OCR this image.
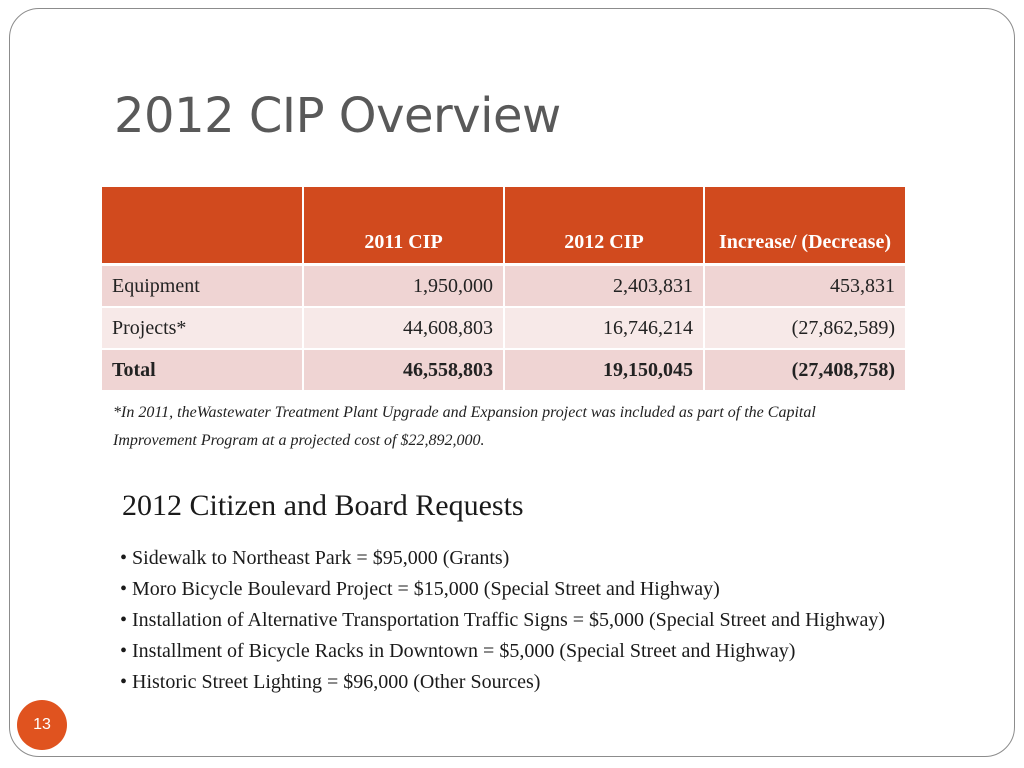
2012 CIP Overview
	2011 CIP	2012 CIP	Increase/ (Decrease)
Equipment	1,950,000	2,403,831	453,831
Projects*	44,608,803	16,746,214	(27,862,589)
Total	46,558,803	19,150,045	(27,408,758)

*In 2011, theWastewater Treatment Plant Upgrade and Expansion project was included as part of the Capital Improvement Program at a projected cost of $22,892,000.

2012 Citizen and Board Requests
• Sidewalk to Northeast Park = $95,000 (Grants)
• Moro Bicycle Boulevard Project = $15,000 (Special Street and Highway)
• Installation of Alternative Transportation Traffic Signs = $5,000 (Special Street and Highway)
• Installment of Bicycle Racks in Downtown = $5,000 (Special Street and Highway)
• Historic Street Lighting = $96,000 (Other Sources)
13
